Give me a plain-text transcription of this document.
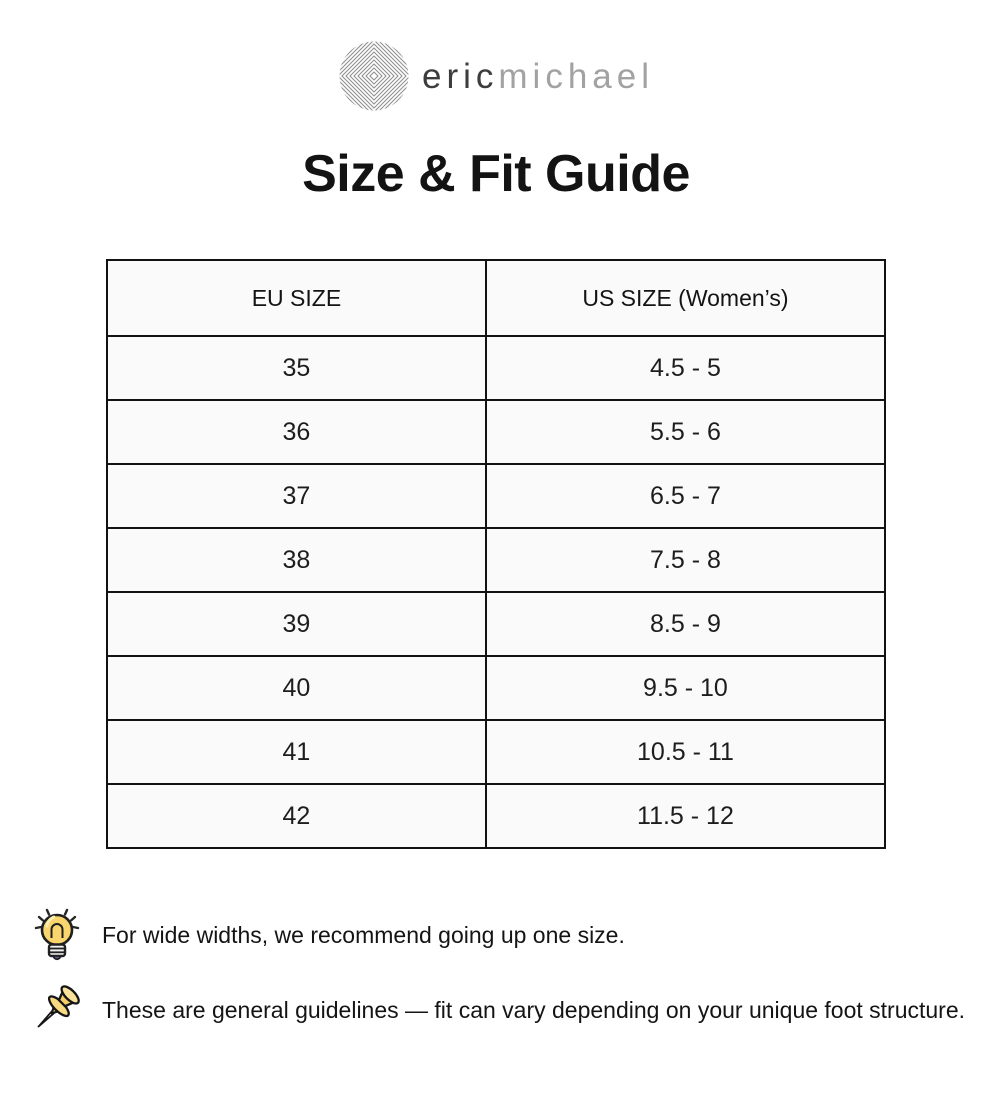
ericmichael
Size & Fit Guide
EU SIZE	US SIZE (Women’s)
35	4.5 - 5
36	5.5 - 6
37	6.5 - 7
38	7.5 - 8
39	8.5 - 9
40	9.5 - 10
41	10.5 - 11
42	11.5 - 12

For wide widths, we recommend going up one size.

These are general guidelines — fit can vary depending on your unique foot structure.
